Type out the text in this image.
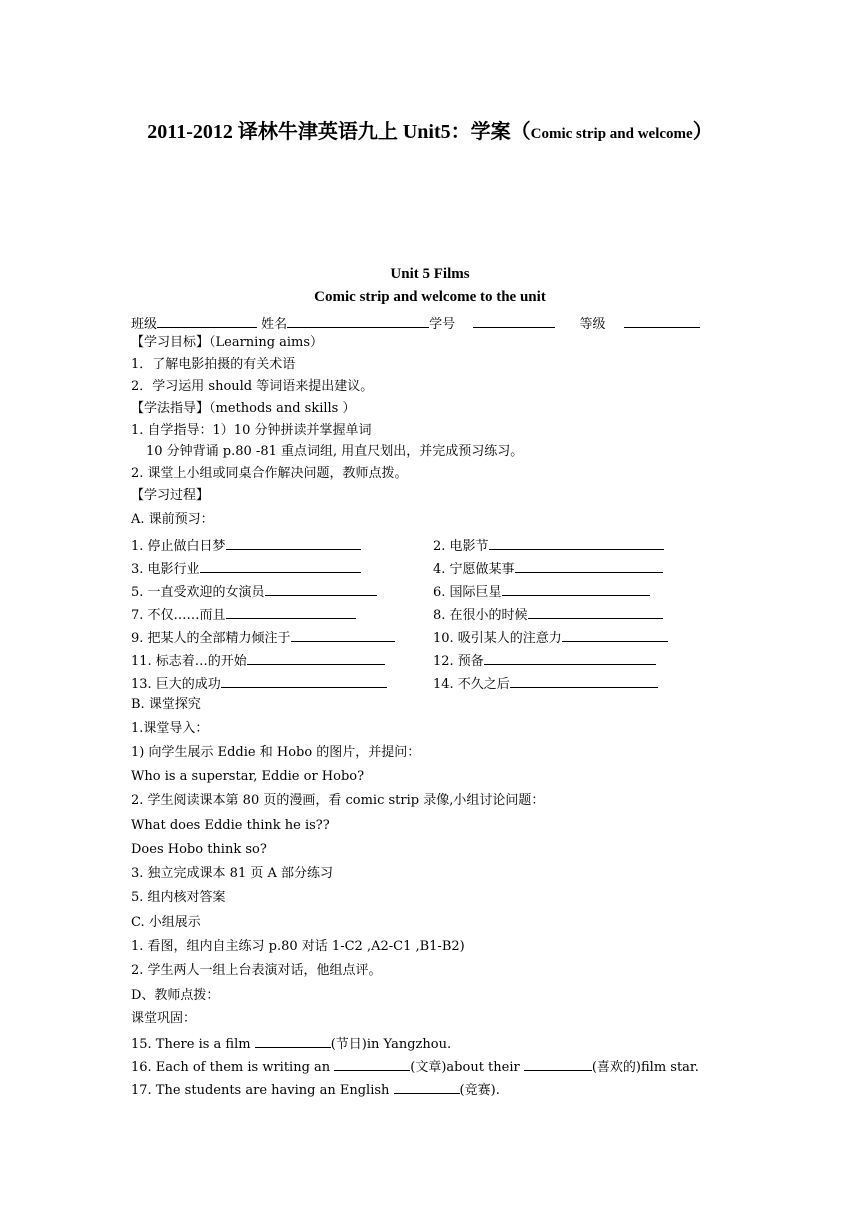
2011-2012 译林牛津英语九上 Unit5：学案（Comic strip and welcome）
Unit 5 Films
Comic strip and welcome to the unit
班级	姓名	学号	等级
【学习目标】（Learning aims）
1．了解电影拍摄的有关术语
2．学习运用 should 等词语来提出建议。
【学法指导】（methods and skills ）
1. 自学指导：1）10 分钟拼读并掌握单词
10 分钟背诵 p.80 -81 重点词组, 用直尺划出，并完成预习练习。
2. 课堂上小组或同桌合作解决问题，教师点拨。
【学习过程】
A. 课前预习：
1. 停止做白日梦	2. 电影节
3. 电影行业	4. 宁愿做某事
5. 一直受欢迎的女演员	6. 国际巨星
7. 不仅……而且	8. 在很小的时候
9. 把某人的全部精力倾注于	10. 吸引某人的注意力
11. 标志着…的开始	12. 预备
13. 巨大的成功	14. 不久之后
B. 课堂探究
1.课堂导入：
1) 向学生展示 Eddie 和 Hobo 的图片，并提问：
Who is a superstar, Eddie or Hobo?
2. 学生阅读课本第 80 页的漫画，看 comic strip 录像,小组讨论问题：
What does Eddie think he is??
Does Hobo think so?
3. 独立完成课本 81 页 A 部分练习
5. 组内核对答案
C. 小组展示
1. 看图，组内自主练习 p.80 对话 1-C2 ,A2-C1 ,B1-B2)
2. 学生两人一组上台表演对话，他组点评。
D、教师点拨：
课堂巩固：
15. There is a film	(节日)in Yangzhou.
16. Each of them is writing an	(文章)about their	(喜欢的)film star.
17. The students are having an English	(竞赛).
